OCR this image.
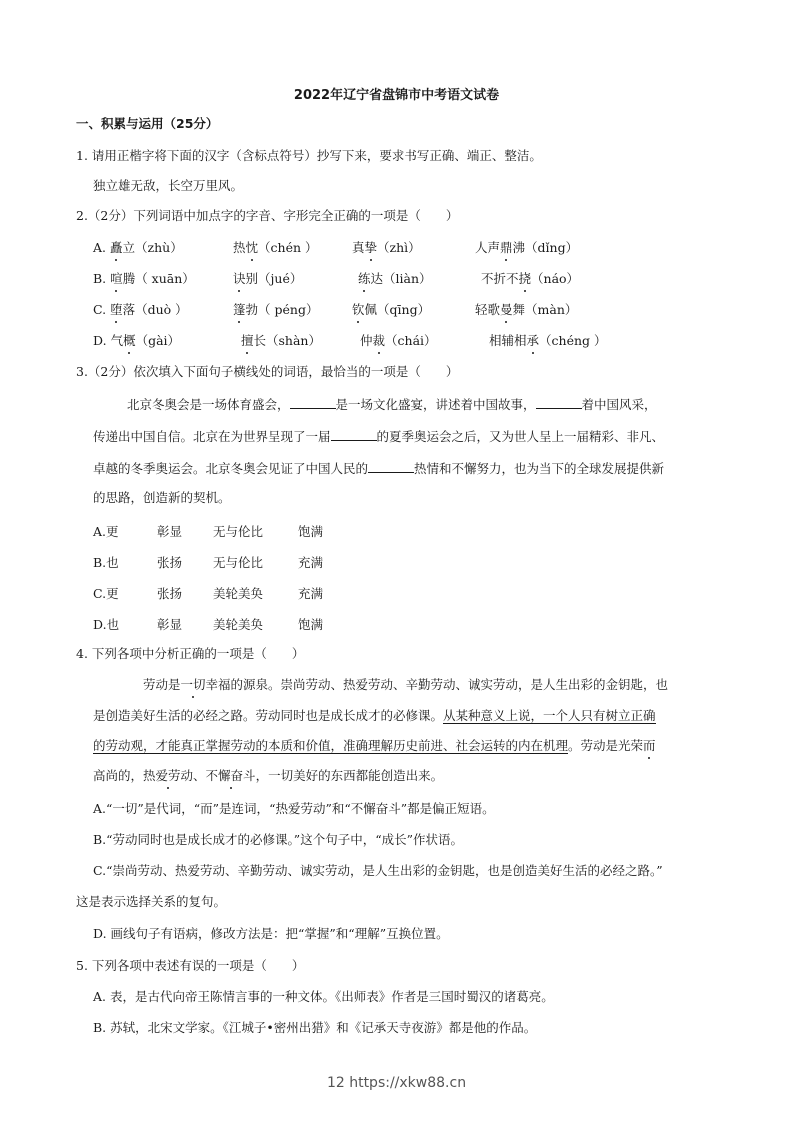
2022年辽宁省盘锦市中考语文试卷
一、积累与运用（25分）
1. 请用正楷字将下面的汉字（含标点符号）抄写下来，要求书写正确、端正、整洁。
独立雄无敌，长空万里风。
2.（2分）下列词语中加点字的字音、字形完全正确的一项是（　　）
A. 矗立（zhù）	热忱（chén ）	真挚（zhì）	人声鼎沸（dǐng）
B. 喧腾（ xuān）	诀别（jué）	练达（liàn）	不折不挠（náo）
C. 堕落（duò ）	篷勃（ péng）	钦佩（qīng）	轻歌曼舞（màn）
D. 气概（gài）	擅长（shàn）	仲裁（chái）	相辅相承（chéng ）
3.（2分）依次填入下面句子横线处的词语，最恰当的一项是（　　）
北京冬奥会是一场体育盛会，	是一场文化盛宴，讲述着中国故事，	着中国风采，
传递出中国自信。北京在为世界呈现了一届	的夏季奥运会之后，又为世人呈上一届精彩、非凡、
卓越的冬季奥运会。北京冬奥会见证了中国人民的	热情和不懈努力，也为当下的全球发展提供新
的思路，创造新的契机。
A.更	彰显 无与伦比	饱满
B.也	张扬 无与伦比	充满
C.更	张扬 美轮美奂	充满
D.也	彰显 美轮美奂	饱满
4. 下列各项中分析正确的一项是（　　）
劳动是一切幸福的源泉。崇尚劳动、热爱劳动、辛勤劳动、诚实劳动，是人生出彩的金钥匙，也
是创造美好生活的必经之路。劳动同时也是成长成才的必修课。从某种意义上说，一个人只有树立正确
的劳动观，才能真正掌握劳动的本质和价值，准确理解历史前进、社会运转的内在机理。劳动是光荣而
高尚的，热爱劳动、不懈奋斗，一切美好的东西都能创造出来。
A.“一切”是代词，“而”是连词，“热爱劳动”和“不懈奋斗”都是偏正短语。
B.“劳动同时也是成长成才的必修课。”这个句子中，“成长”作状语。
C.“崇尚劳动、热爱劳动、辛勤劳动、诚实劳动，是人生出彩的金钥匙，也是创造美好生活的必经之路。”
这是表示选择关系的复句。
D. 画线句子有语病，修改方法是：把“掌握”和“理解”互换位置。
5. 下列各项中表述有误的一项是（　　）
A. 表，是古代向帝王陈情言事的一种文体。《出师表》作者是三国时蜀汉的诸葛亮。
B. 苏轼，北宋文学家。《江城子•密州出猎》和《记承天寺夜游》都是他的作品。
12 https://xkw88.cn
